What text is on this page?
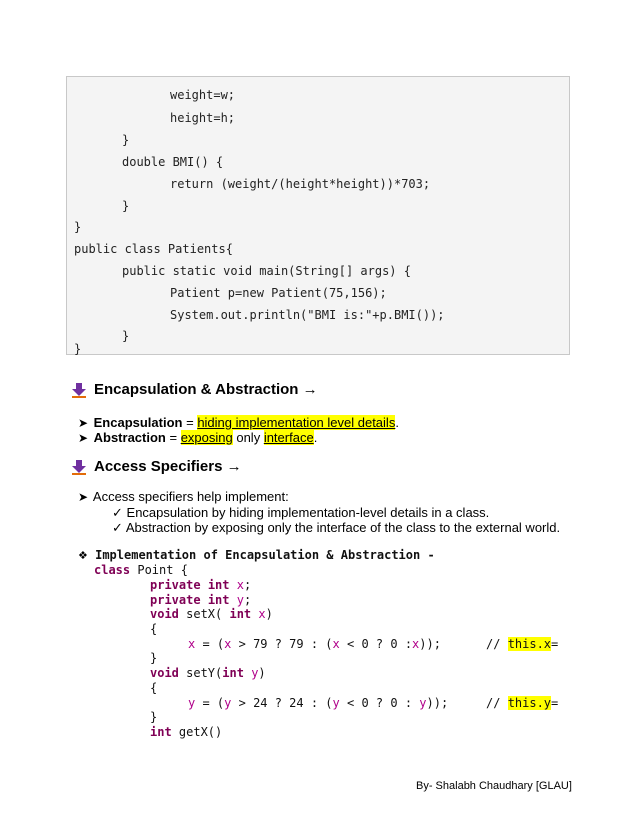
weight=w;
height=h;
}
double BMI() {
return (weight/(height*height))*703;
}
}
public class Patients{
public static void main(String[] args) {
Patient p=new Patient(75,156);
System.out.println("BMI is:"+p.BMI());
}
}
Encapsulation & Abstraction →
➤ Encapsulation = hiding implementation level details.
➤ Abstraction = exposing only interface.
Access Specifiers →
➤ Access specifiers help implement:
✓ Encapsulation by hiding implementation-level details in a class.
✓ Abstraction by exposing only the interface of the class to the external world.
❖ Implementation of Encapsulation & Abstraction -
class Point {
private int x;
private int y;
void setX( int x)
{
x = (x > 79 ? 79 : (x < 0 ? 0 :x));	// this.x=
}
void setY(int y)
{
y = (y > 24 ? 24 : (y < 0 ? 0 : y));	// this.y=
}
int getX()
By- Shalabh Chaudhary [GLAU]
